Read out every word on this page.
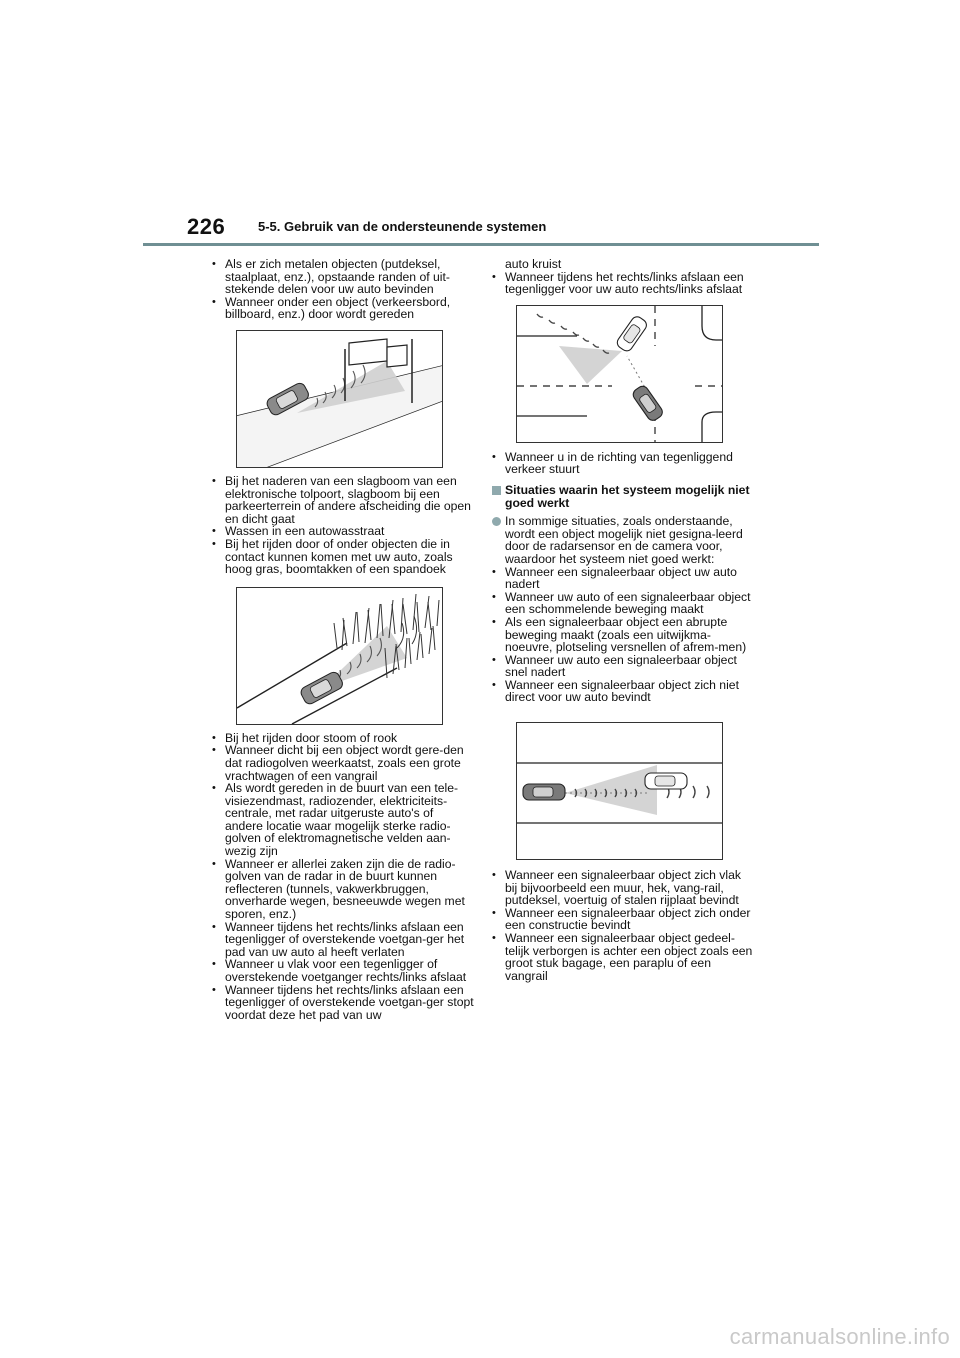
226	5-5. Gebruik van de ondersteunende systemen
• Als er zich metalen objecten (putdeksel, staalplaat, enz.), opstaande randen of uit-stekende delen voor uw auto bevinden
• Wanneer onder een object (verkeersbord, billboard, enz.) door wordt gereden
• Bij het naderen van een slagboom van een elektronische tolpoort, slagboom bij een parkeerterrein of andere afscheiding die open en dicht gaat
• Wassen in een autowasstraat
• Bij het rijden door of onder objecten die in contact kunnen komen met uw auto, zoals hoog gras, boomtakken of een spandoek
• Bij het rijden door stoom of rook
• Wanneer dicht bij een object wordt gere-den dat radiogolven weerkaatst, zoals een grote vrachtwagen of een vangrail
• Als wordt gereden in de buurt van een tele-visiezendmast, radiozender, elektriciteits-centrale, met radar uitgeruste auto's of andere locatie waar mogelijk sterke radio-golven of elektromagnetische velden aan-wezig zijn
• Wanneer er allerlei zaken zijn die de radio-golven van de radar in de buurt kunnen reflecteren (tunnels, vakwerkbruggen, onverharde wegen, besneeuwde wegen met sporen, enz.)
• Wanneer tijdens het rechts/links afslaan een tegenligger of overstekende voetgan-ger het pad van uw auto al heeft verlaten
• Wanneer u vlak voor een tegenligger of overstekende voetganger rechts/links afslaat
• Wanneer tijdens het rechts/links afslaan een tegenligger of overstekende voetgan-ger stopt voordat deze het pad van uw
auto kruist
• Wanneer tijdens het rechts/links afslaan een tegenligger voor uw auto rechts/links afslaat
• Wanneer u in de richting van tegenliggend verkeer stuurt
Situaties waarin het systeem mogelijk niet goed werkt
In sommige situaties, zoals onderstaande, wordt een object mogelijk niet gesigna-leerd door de radarsensor en de camera voor, waardoor het systeem niet goed werkt:
• Wanneer een signaleerbaar object uw auto nadert
• Wanneer uw auto of een signaleerbaar object een schommelende beweging maakt
• Als een signaleerbaar object een abrupte beweging maakt (zoals een uitwijkma-noeuvre, plotseling versnellen of afrem-men)
• Wanneer uw auto een signaleerbaar object snel nadert
• Wanneer een signaleerbaar object zich niet direct voor uw auto bevindt
• Wanneer een signaleerbaar object zich vlak bij bijvoorbeeld een muur, hek, vang-rail, putdeksel, voertuig of stalen rijplaat bevindt
• Wanneer een signaleerbaar object zich onder een constructie bevindt
• Wanneer een signaleerbaar object gedeel-telijk verborgen is achter een object zoals een groot stuk bagage, een paraplu of een vangrail
carmanualsonline.info
